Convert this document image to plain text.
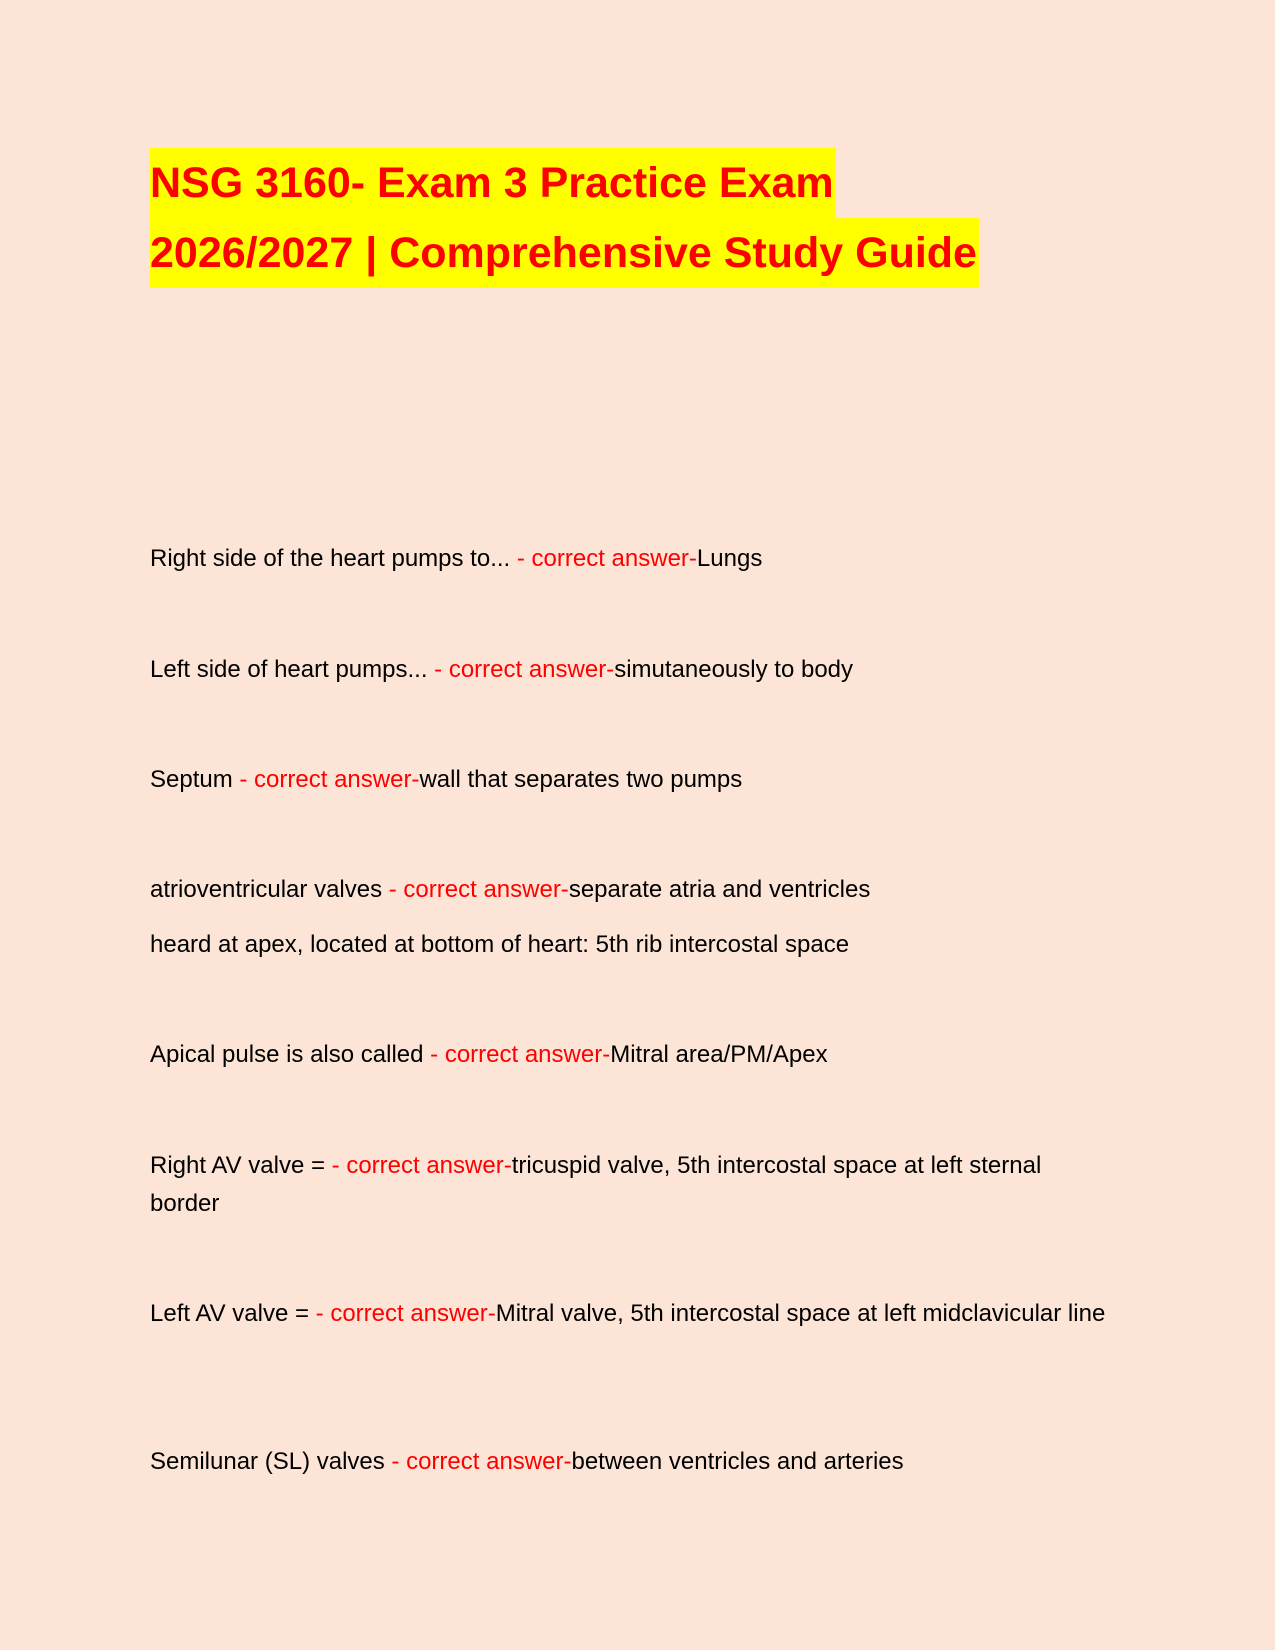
NSG 3160- Exam 3 Practice Exam
2026/2027 | Comprehensive Study Guide
Right side of the heart pumps to... - correct answer-Lungs
Left side of heart pumps... - correct answer-simutaneously to body
Septum - correct answer-wall that separates two pumps
atrioventricular valves - correct answer-separate atria and ventricles
heard at apex, located at bottom of heart: 5th rib intercostal space
Apical pulse is also called - correct answer-Mitral area/PM/Apex
Right AV valve = - correct answer-tricuspid valve, 5th intercostal space at left sternal border
Left AV valve = - correct answer-Mitral valve, 5th intercostal space at left midclavicular line
Semilunar (SL) valves - correct answer-between ventricles and arteries
